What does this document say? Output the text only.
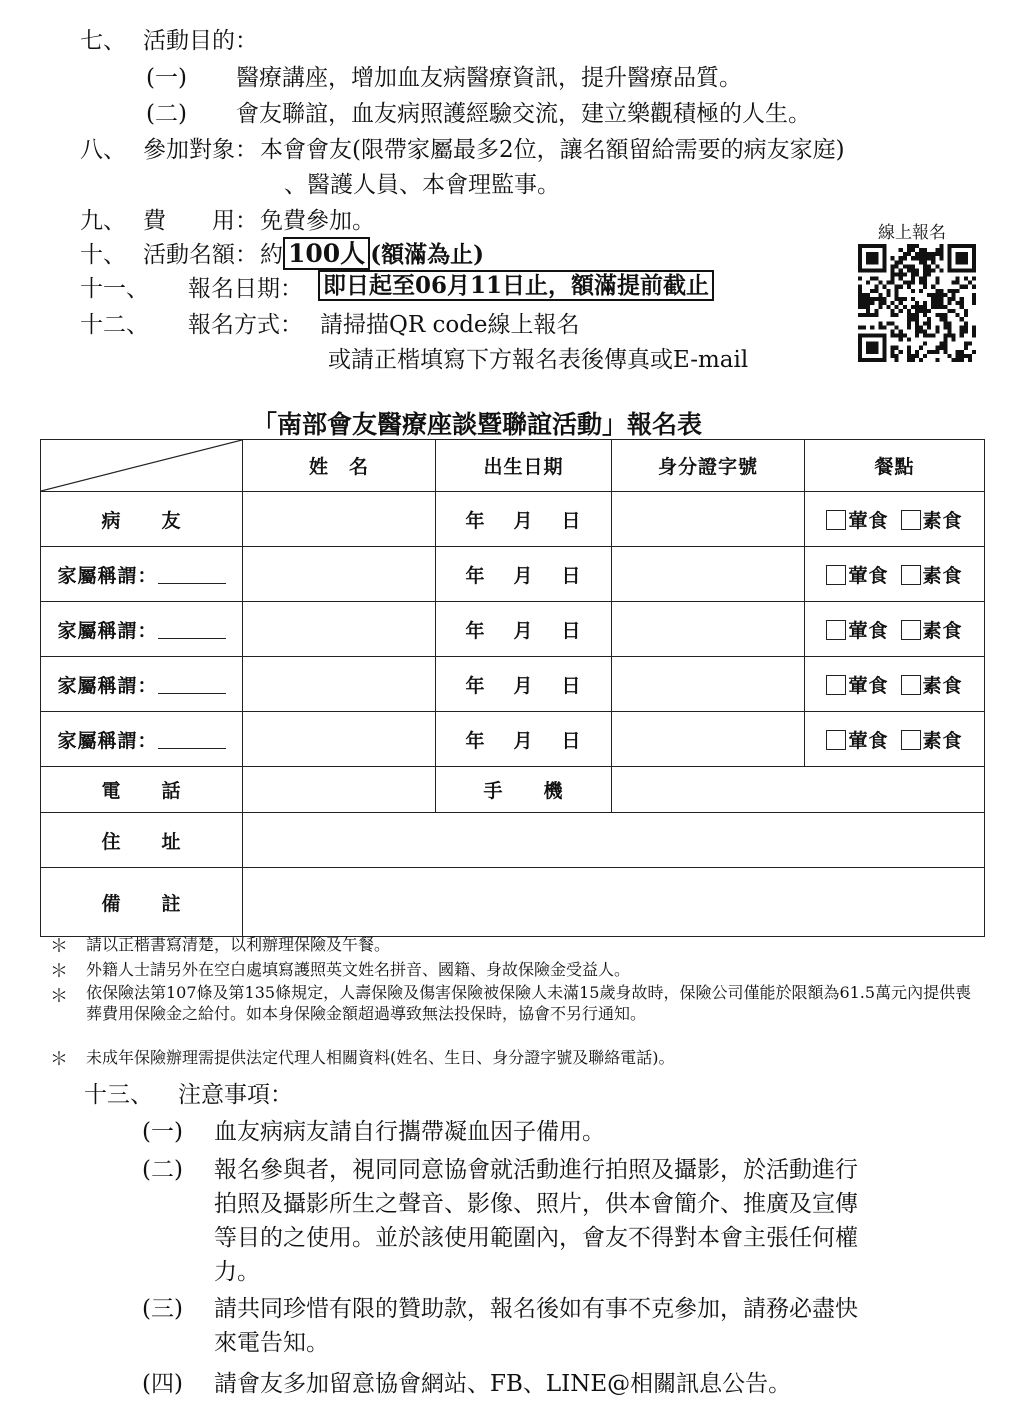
七、 活動目的：
(一) 醫療講座，增加血友病醫療資訊，提升醫療品質。
(二) 會友聯誼，血友病照護經驗交流，建立樂觀積極的人生。
八、 參加對象： 本會會友(限帶家屬最多2位，讓名額留給需要的病友家庭)
、醫護人員、本會理監事。
九、 費　　用： 免費參加。	線上報名
十、 活動名額： 約 100人 (額滿為止)
十一、 報名日期： 即日起至06月11日止，額滿提前截止
十二、 報名方式： 請掃描QR code線上報名
或請正楷填寫下方報名表後傳真或E-mail
「南部會友醫療座談暨聯誼活動」報名表
	姓　名	出生日期	身分證字號	餐點
病　　友		年 月 日		葷食 素食
家屬稱謂：		年 月 日		葷食 素食
家屬稱謂：		年 月 日		葷食 素食
家屬稱謂：		年 月 日		葷食 素食
家屬稱謂：		年 月 日		葷食 素食
電　　話		手　　機		
住　　址				
備　　註				
＊ 請以正楷書寫清楚，以利辦理保險及午餐。
＊ 外籍人士請另外在空白處填寫護照英文姓名拼音、國籍、身故保險金受益人。
＊ 依保險法第107條及第135條規定，人壽保險及傷害保險被保險人未滿15歲身故時，保險公司僅能於限額為61.5萬元內提供喪葬費用保險金之給付。如本身保險金額超過導致無法投保時，協會不另行通知。
＊ 未成年保險辦理需提供法定代理人相關資料(姓名、生日、身分證字號及聯絡電話)。
十三、 注意事項：
(一) 血友病病友請自行攜帶凝血因子備用。
(二) 報名參與者，視同同意協會就活動進行拍照及攝影，於活動進行
拍照及攝影所生之聲音、影像、照片，供本會簡介、推廣及宣傳
等目的之使用。並於該使用範圍內，會友不得對本會主張任何權
力。
(三) 請共同珍惜有限的贊助款，報名後如有事不克參加，請務必盡快
來電告知。
(四) 請會友多加留意協會網站、FB、LINE@相關訊息公告。
